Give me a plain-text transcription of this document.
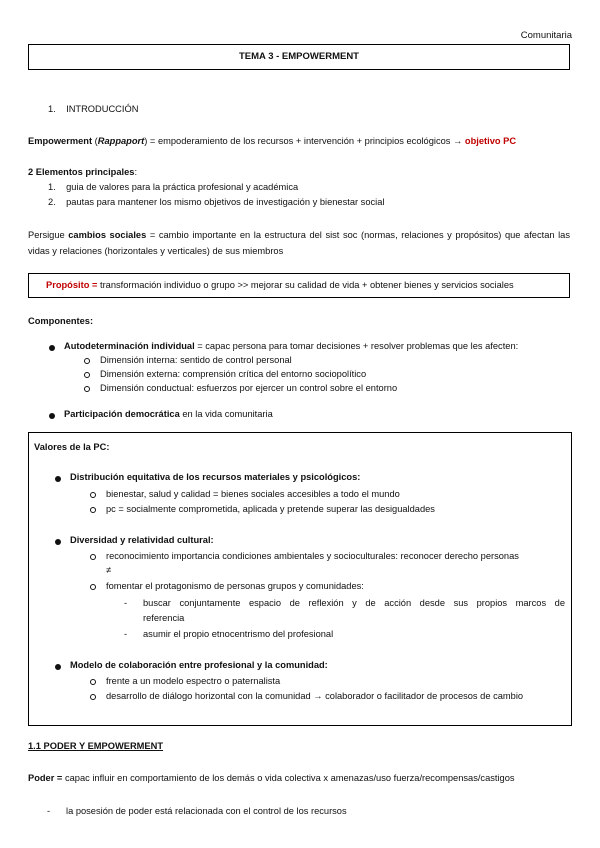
Comunitaria
TEMA 3 - EMPOWERMENT
1. INTRODUCCIÓN
Empowerment (Rappaport) = empoderamiento de los recursos + intervención + principios ecológicos → objetivo PC
2 Elementos principales:
1. guia de valores para la práctica profesional y académica
2. pautas para mantener los mismo objetivos de investigación y bienestar social
Persigue cambios sociales = cambio importante en la estructura del sist soc (normas, relaciones y propósitos) que afectan las vidas y relaciones (horizontales y verticales) de sus miembros
Propósito = transformación individuo o grupo >> mejorar su calidad de vida + obtener bienes y servicios sociales
Componentes:
Autodeterminación individual = capac persona para tomar decisiones + resolver problemas que les afecten:
Dimensión interna: sentido de control personal
Dimensión externa: comprensión crítica del entorno sociopolítico
Dimensión conductual: esfuerzos por ejercer un control sobre el entorno
Participación democrática en la vida comunitaria
Valores de la PC:
Distribución equitativa de los recursos materiales y psicológicos:
bienestar, salud y calidad = bienes sociales accesibles a todo el mundo
pc = socialmente comprometida, aplicada y pretende superar las desigualdades
Diversidad y relatividad cultural:
reconocimiento importancia condiciones ambientales y socioculturales: reconocer derecho personas
≠
fomentar el protagonismo de personas grupos y comunidades:
- buscar conjuntamente espacio de reflexión y de acción desde sus propios marcos de
referencia
- asumir el propio etnocentrismo del profesional
Modelo de colaboración entre profesional y la comunidad:
frente a un modelo espectro o paternalista
desarrollo de diálogo horizontal con la comunidad → colaborador o facilitador de procesos de cambio
1.1 PODER Y EMPOWERMENT
Poder = capac influir en comportamiento de los demás o vida colectiva x amenazas/uso fuerza/recompensas/castigos
- la posesión de poder está relacionada con el control de los recursos
